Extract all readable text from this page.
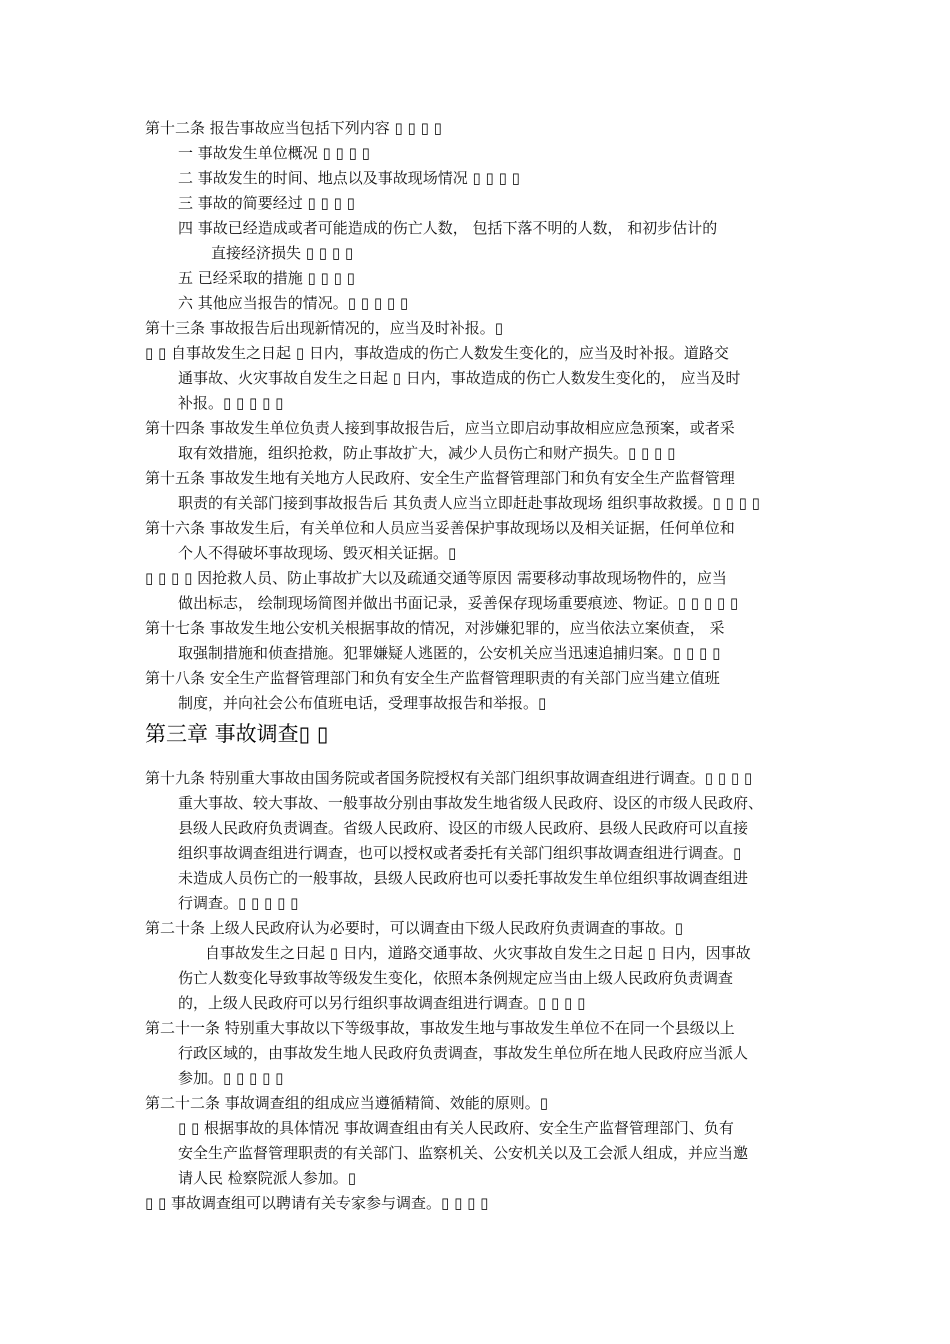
第三章 事故调查▯ ▯
第十二条 报告事故应当包括下列内容 ▯ ▯ ▯ ▯
一 事故发生单位概况 ▯ ▯ ▯ ▯
二 事故发生的时间、地点以及事故现场情况 ▯ ▯ ▯ ▯
三 事故的简要经过 ▯ ▯ ▯ ▯
四 事故已经造成或者可能造成的伤亡人数， 包括下落不明的人数， 和初步估计的
直接经济损失 ▯ ▯ ▯ ▯
五 已经采取的措施 ▯ ▯ ▯ ▯
六 其他应当报告的情况。▯ ▯ ▯ ▯ ▯
第十三条 事故报告后出现新情况的，应当及时补报。▯
▯ ▯ 自事故发生之日起 ▯ 日内，事故造成的伤亡人数发生变化的，应当及时补报。道路交
通事故、火灾事故自发生之日起 ▯ 日内，事故造成的伤亡人数发生变化的， 应当及时
补报。▯ ▯ ▯ ▯ ▯
第十四条 事故发生单位负责人接到事故报告后，应当立即启动事故相应应急预案，或者采
取有效措施，组织抢救，防止事故扩大，减少人员伤亡和财产损失。▯ ▯ ▯ ▯
第十五条 事故发生地有关地方人民政府、安全生产监督管理部门和负有安全生产监督管理
职责的有关部门接到事故报告后 其负责人应当立即赶赴事故现场 组织事故救援。▯ ▯ ▯ ▯
第十六条 事故发生后，有关单位和人员应当妥善保护事故现场以及相关证据，任何单位和
个人不得破坏事故现场、毁灭相关证据。▯
▯ ▯ ▯ ▯ 因抢救人员、防止事故扩大以及疏通交通等原因 需要移动事故现场物件的，应当
做出标志， 绘制现场简图并做出书面记录，妥善保存现场重要痕迹、物证。▯ ▯ ▯ ▯ ▯
第十七条 事故发生地公安机关根据事故的情况，对涉嫌犯罪的，应当依法立案侦查， 采
取强制措施和侦查措施。犯罪嫌疑人逃匿的，公安机关应当迅速追捕归案。▯ ▯ ▯ ▯
第十八条 安全生产监督管理部门和负有安全生产监督管理职责的有关部门应当建立值班
制度，并向社会公布值班电话，受理事故报告和举报。▯
第十九条 特别重大事故由国务院或者国务院授权有关部门组织事故调查组进行调查。▯ ▯ ▯ ▯
重大事故、较大事故、一般事故分别由事故发生地省级人民政府、设区的市级人民政府、
县级人民政府负责调查。省级人民政府、设区的市级人民政府、县级人民政府可以直接
组织事故调查组进行调查，也可以授权或者委托有关部门组织事故调查组进行调查。▯
未造成人员伤亡的一般事故，县级人民政府也可以委托事故发生单位组织事故调查组进
行调查。▯ ▯ ▯ ▯ ▯
第二十条 上级人民政府认为必要时，可以调查由下级人民政府负责调查的事故。▯
自事故发生之日起 ▯ 日内，道路交通事故、火灾事故自发生之日起 ▯ 日内，因事故
伤亡人数变化导致事故等级发生变化，依照本条例规定应当由上级人民政府负责调查
的，上级人民政府可以另行组织事故调查组进行调查。▯ ▯ ▯ ▯
第二十一条 特别重大事故以下等级事故，事故发生地与事故发生单位不在同一个县级以上
行政区域的，由事故发生地人民政府负责调查，事故发生单位所在地人民政府应当派人
参加。▯ ▯ ▯ ▯ ▯
第二十二条 事故调查组的组成应当遵循精简、效能的原则。▯
▯ ▯ 根据事故的具体情况 事故调查组由有关人民政府、安全生产监督管理部门、负有
安全生产监督管理职责的有关部门、监察机关、公安机关以及工会派人组成，并应当邀
请人民 检察院派人参加。▯
▯ ▯ 事故调查组可以聘请有关专家参与调查。▯ ▯ ▯ ▯
